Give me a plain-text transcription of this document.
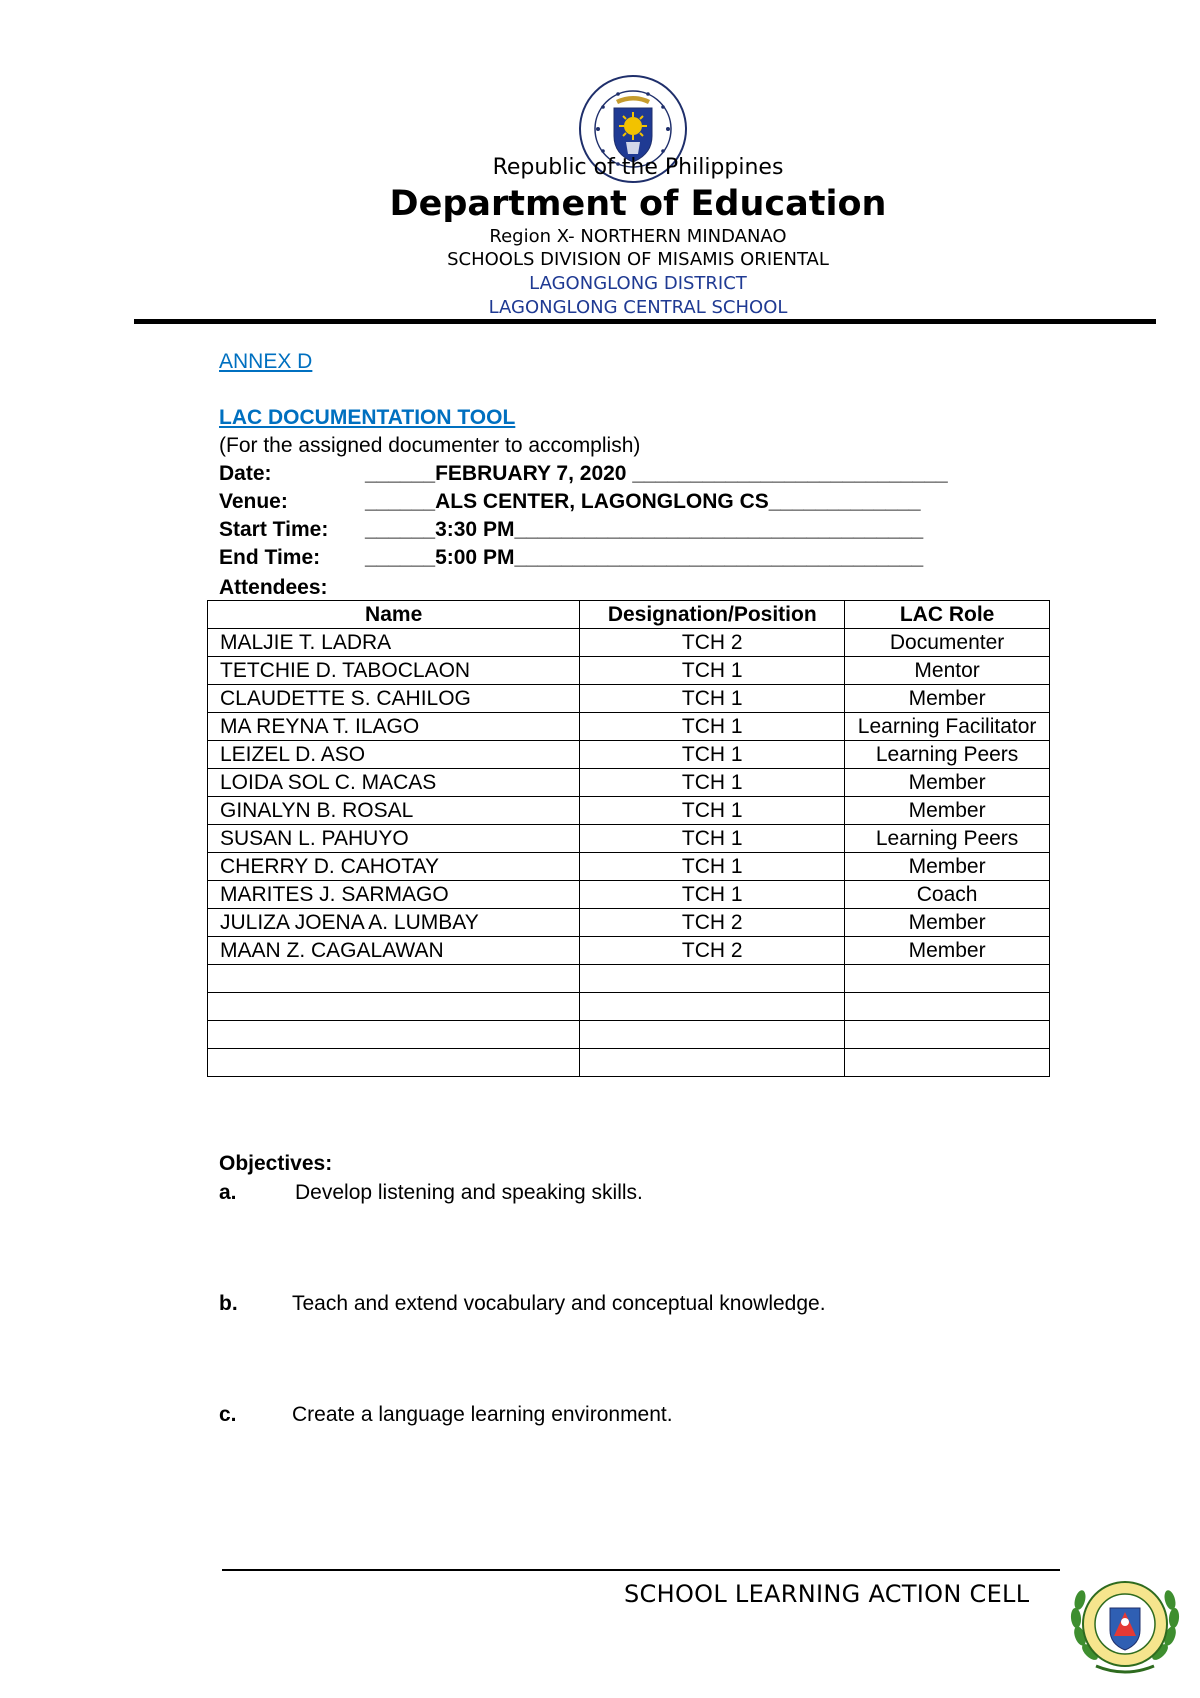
Republic of the Philippines
Department of Education
Region X- NORTHERN MINDANAO
SCHOOLS DIVISION OF MISAMIS ORIENTAL
LAGONGLONG DISTRICT
LAGONGLONG CENTRAL SCHOOL
ANNEX D
LAC DOCUMENTATION TOOL
(For the assigned documenter to accomplish)
Date:	______FEBRUARY 7, 2020 ___________________________
Venue:	______ALS CENTER, LAGONGLONG CS_____________
Start Time: ______3:30 PM___________________________________
End Time: ______5:00 PM___________________________________
Attendees:
Name	Designation/Position	LAC Role
MALJIE T. LADRA	TCH 2	Documenter
TETCHIE D. TABOCLAON	TCH 1	Mentor
CLAUDETTE S. CAHILOG	TCH 1	Member
MA REYNA T. ILAGO	TCH 1	Learning Facilitator
LEIZEL D. ASO	TCH 1	Learning Peers
LOIDA SOL C. MACAS	TCH 1	Member
GINALYN B. ROSAL	TCH 1	Member
SUSAN L. PAHUYO	TCH 1	Learning Peers
CHERRY D. CAHOTAY	TCH 1	Member
MARITES J. SARMAGO	TCH 1	Coach
JULIZA JOENA A. LUMBAY	TCH 2	Member
MAAN Z. CAGALAWAN	TCH 2	Member

Objectives:
a.	Develop listening and speaking skills.
b.	Teach and extend vocabulary and conceptual knowledge.
c.	Create a language learning environment.
SCHOOL LEARNING ACTION CELL
